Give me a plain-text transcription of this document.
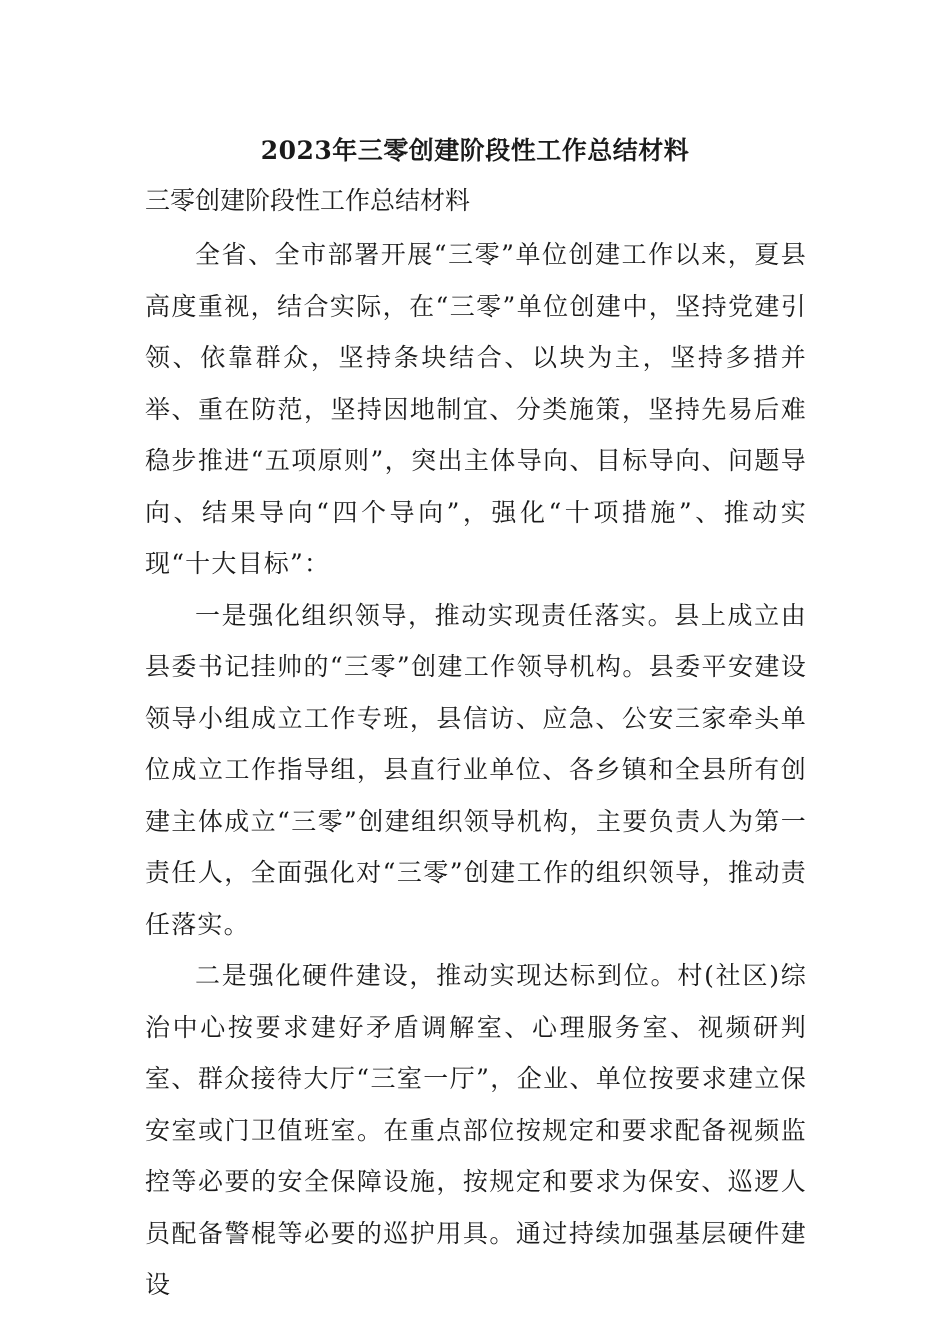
2023年三零创建阶段性工作总结材料

三零创建阶段性工作总结材料

全省、全市部署开展“三零”单位创建工作以来，夏县高度重视，结合实际，在“三零”单位创建中，坚持党建引领、依靠群众，坚持条块结合、以块为主，坚持多措并举、重在防范，坚持因地制宜、分类施策，坚持先易后难稳步推进“五项原则”，突出主体导向、目标导向、问题导向、结果导向“四个导向”，强化“十项措施”、推动实现“十大目标”：

一是强化组织领导，推动实现责任落实。县上成立由县委书记挂帅的“三零”创建工作领导机构。县委平安建设领导小组成立工作专班，县信访、应急、公安三家牵头单位成立工作指导组，县直行业单位、各乡镇和全县所有创建主体成立“三零”创建组织领导机构，主要负责人为第一责任人，全面强化对“三零”创建工作的组织领导，推动责任落实。

二是强化硬件建设，推动实现达标到位。村(社区)综治中心按要求建好矛盾调解室、心理服务室、视频研判室、群众接待大厅“三室一厅”，企业、单位按要求建立保安室或门卫值班室。在重点部位按规定和要求配备视频监控等必要的安全保障设施，按规定和要求为保安、巡逻人员配备警棍等必要的巡护用具。通过持续加强基层硬件建设
